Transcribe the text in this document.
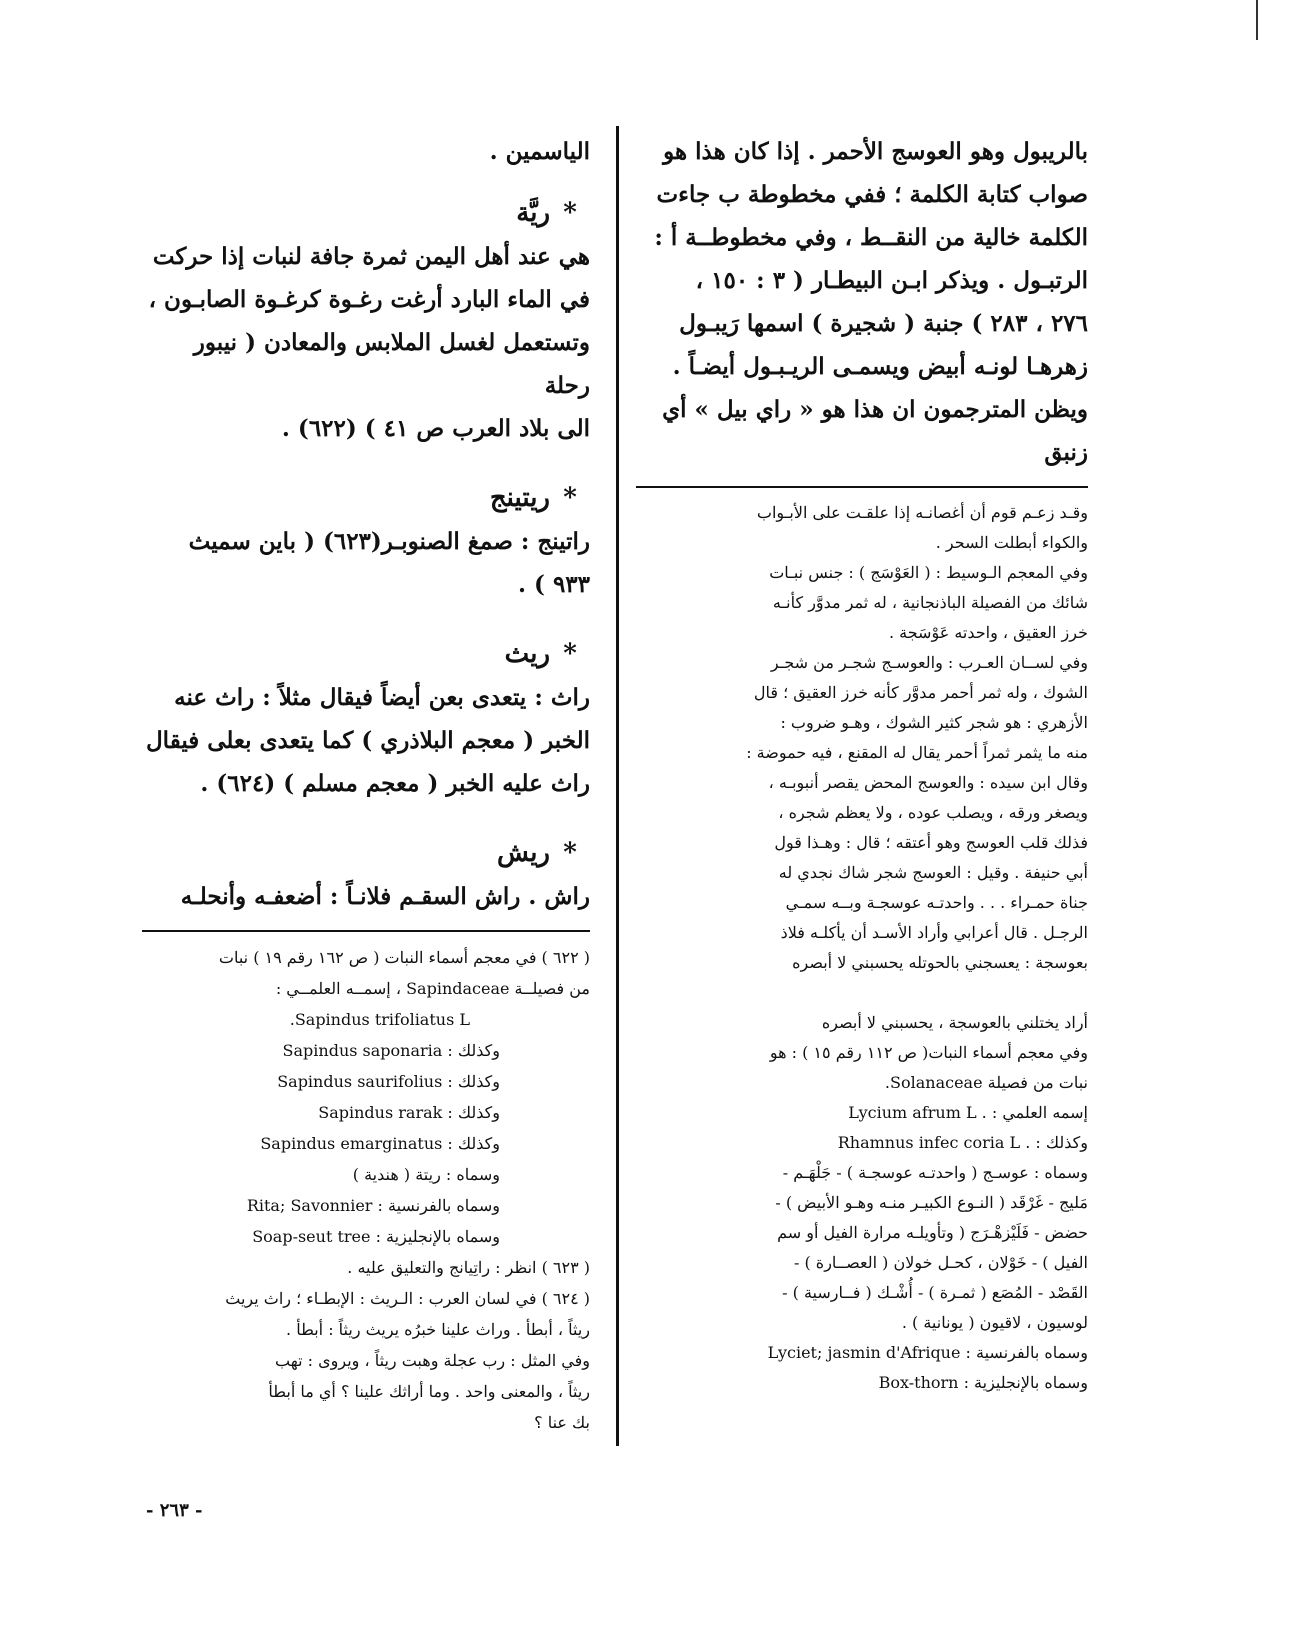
بالريبول وهو العوسج الأحمر . إذا كان هذا هو

صواب كتابة الكلمة ؛ ففي مخطوطة ب جاءت

الكلمة خالية من النقــط ، وفي مخطوطــة أ :

الرتبـول . ويذكر ابـن البيطـار ( ٣ : ١٥٠ ،

٢٧٦ ، ٢٨٣ ) جنبة ( شجيرة ) اسمها رَيبـول

زهرهـا لونـه أبيض ويسمـى الريـبـول أيضـاً .

ويظن المترجمون ان هذا هو « راي بيل » أي زنبق

وقـد زعـم قوم أن أغصانـه إذا علقـت على الأبـواب

والكواء أبطلت السحر .

وفي المعجم الـوسيط : ( العَوْسَج ) : جنس نبـات

شائك من الفصيلة الباذنجانية ، له ثمر مدوَّر كأنـه

خرز العقيق ، واحدته عَوْسَجة .

وفي لســان العـرب : والعوسـج شجـر من شجـر

الشوك ، وله ثمر أحمر مدوَّر كأنه خرز العقيق ؛ قال

الأزهري : هو شجر كثير الشوك ، وهـو ضروب :

منه ما يثمر ثمراً أحمر يقال له المقنع ، فيه حموضة :

وقال ابن سيده : والعوسج المحض يقصر أنبوبـه ،

ويصغر ورقه ، ويصلب عوده ، ولا يعظم شجره ،

فذلك قلب العوسج وهو أعتقه ؛ قال : وهـذا قول

أبي حنيفة . وقيل : العوسج شجر شاك نجدي له

جناة حمـراء . . . واحدتـه عوسجـة وبــه سمـي

الرجـل . قال أعرابي وأراد الأسـد أن يأكلـه فلاذ

بعوسجة : يعسجني بالحوتله يحسبني لا أبصره

أراد يختلني بالعوسجة ، يحسبني لا أبصره

وفي معجم أسماء النبات( ص ١١٢ رقم ١٥ ) : هو

نبات من فصيلة Solanaceae.

إسمه العلمي : . Lycium afrum L

وكذلك : . Rhamnus infec coria L

وسماه : عوسـج ( واحدتـه عوسجـة ) - جَلْهَـم -

مَليج - غَرْقَد ( النـوع الكبيـر منـه وهـو الأبيض ) -

حضض - فَلَيْزهْـرَج ( وتأويلـه مرارة الفيل أو سم

الفيل ) - خَوْلان ، كحـل خولان ( العصــارة ) -

القَصْد - المُصَع ( ثمـرة ) - أُشْـك ( فــارسية ) -

لوسيون ، لاقيون ( يونانية ) .

وسماه بالفرنسية : Lyciet; jasmin d'Afrique

وسماه بالإنجليزية : Box-thorn

الياسمين .

*
ريَّة

هي عند أهل اليمن ثمرة جافة لنبات إذا حركت

في الماء البارد أرغت رغـوة كرغـوة الصابـون ،

وتستعمل لغسل الملابس والمعادن ( نيبور رحلة

الى بلاد العرب ص ٤١ ) (٦٢٢) .

*
ريتينج

راتينج : صمغ الصنوبـر(٦٢٣) ( باين سميث

٩٣٣ ) .

*
ريث

راث : يتعدى بعن أيضاً فيقال مثلاً : راث عنه

الخبر ( معجم البلاذري ) كما يتعدى بعلى فيقال

راث عليه الخبر ( معجم مسلم ) (٦٢٤) .

*
ريش

راش . راش السقـم فلانـاً : أضعفـه وأنحلـه

( ٦٢٢ ) في معجم أسماء النبات ( ص ١٦٢ رقم ١٩ ) نبات

من فصيلــة Sapindaceae ، إسمــه العلمــي :

Sapindus trifoliatus L.

وكذلك : Sapindus saponaria

وكذلك : Sapindus saurifolius

وكذلك : Sapindus rarak

وكذلك : Sapindus emarginatus

وسماه : ريتة ( هندية )

وسماه بالفرنسية : Rita; Savonnier

وسماه بالإنجليزية : Soap-seut tree

( ٦٢٣ ) انظر : راتِيانج والتعليق عليه .

( ٦٢٤ ) في لسان العرب : الـريث : الإبطـاء ؛ راث يريث

ريثاً ، أبطأ . وراث علينا خبرُه يريث ريثاً : أبطأ .

وفي المثل : رب عجلة وهبت ريثاً ، ويروى : تهب

ريثاً ، والمعنى واحد . وما أراثك علينا ؟ أي ما أبطأ

بك عنا ؟

- ٢٦٣ -
